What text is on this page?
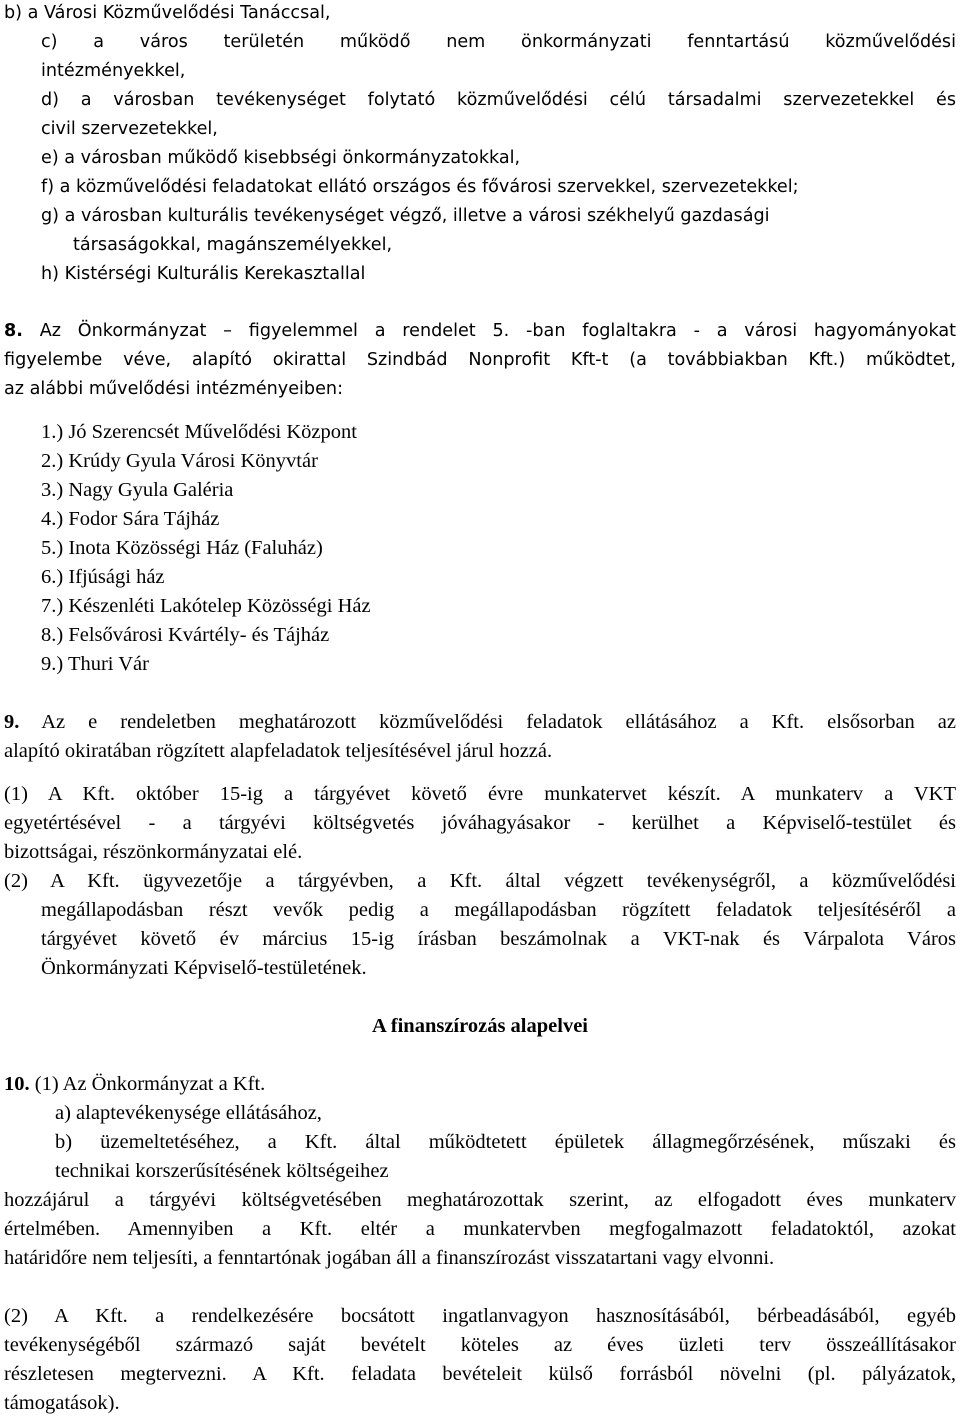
b) a Városi Közművelődési Tanáccsal,
c) a város területén működő nem önkormányzati fenntartású közművelődési
intézményekkel,
d) a városban tevékenységet folytató közművelődési célú társadalmi szervezetekkel és
civil szervezetekkel,
e) a városban működő kisebbségi önkormányzatokkal,
f) a közművelődési feladatokat ellátó országos és fővárosi szervekkel, szervezetekkel;
g) a városban kulturális tevékenységet végző, illetve a városi székhelyű gazdasági
társaságokkal, magánszemélyekkel,
h) Kistérségi Kulturális Kerekasztallal
8. Az Önkormányzat – figyelemmel a rendelet 5. -ban foglaltakra - a városi hagyományokat
figyelembe véve, alapító okirattal Szindbád Nonprofit Kft-t (a továbbiakban Kft.) működtet,
az alábbi művelődési intézményeiben:
1.) Jó Szerencsét Művelődési Központ
2.) Krúdy Gyula Városi Könyvtár
3.) Nagy Gyula Galéria
4.) Fodor Sára Tájház
5.) Inota Közösségi Ház (Faluház)
6.) Ifjúsági ház
7.) Készenléti Lakótelep Közösségi Ház
8.) Felsővárosi Kvártély- és Tájház
9.) Thuri Vár
9. Az e rendeletben meghatározott közművelődési feladatok ellátásához a Kft. elsősorban az
alapító okiratában rögzített alapfeladatok teljesítésével járul hozzá.
(1) A Kft. október 15-ig a tárgyévet követő évre munkatervet készít. A munkaterv a VKT
egyetértésével - a tárgyévi költségvetés jóváhagyásakor - kerülhet a Képviselő-testület és
bizottságai, részönkormányzatai elé.
(2) A Kft. ügyvezetője a tárgyévben, a Kft. által végzett tevékenységről, a közművelődési
megállapodásban részt vevők pedig a megállapodásban rögzített feladatok teljesítéséről a
tárgyévet követő év március 15-ig írásban beszámolnak a VKT-nak és Várpalota Város
Önkormányzati Képviselő-testületének.
A finanszírozás alapelvei
10. (1) Az Önkormányzat a Kft.
a) alaptevékenysége ellátásához,
b) üzemeltetéséhez, a Kft. által működtetett épületek állagmegőrzésének, műszaki és
technikai korszerűsítésének költségeihez
hozzájárul a tárgyévi költségvetésében meghatározottak szerint, az elfogadott éves munkaterv
értelmében. Amennyiben a Kft. eltér a munkatervben megfogalmazott feladatoktól, azokat
határidőre nem teljesíti, a fenntartónak jogában áll a finanszírozást visszatartani vagy elvonni.
(2) A Kft. a rendelkezésére bocsátott ingatlanvagyon hasznosításából, bérbeadásából, egyéb
tevékenységéből származó saját bevételt köteles az éves üzleti terv összeállításakor
részletesen megtervezni. A Kft. feladata bevételeit külső forrásból növelni (pl. pályázatok,
támogatások).
